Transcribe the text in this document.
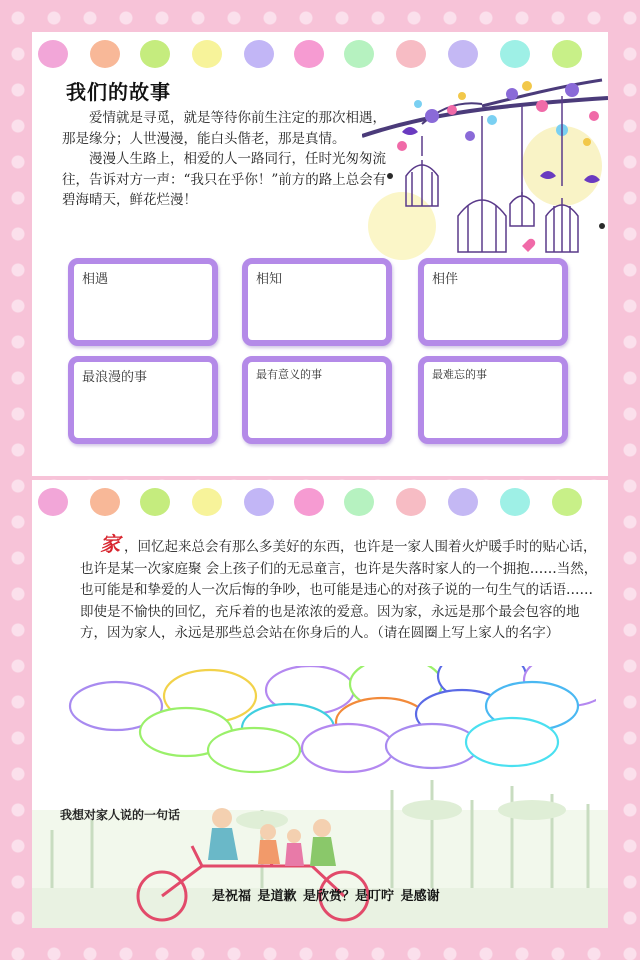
我们的故事

爱情就是寻觅，就是等待你前生注定的那次相遇，那是缘分；人世漫漫，能白头偕老，那是真情。

漫漫人生路上，相爱的人一路同行，任时光匆匆流往，告诉对方一声：“我只在乎你！”前方的路上总会有碧海晴天，鲜花烂漫！

相遇	相知	相伴
最浪漫的事	最有意义的事	最难忘的事
家 ，回忆起来总会有那么多美好的东西，也许是一家人围着火炉暖手时的贴心话，也许是某一次家庭聚 会上孩子们的无忌童言，也许是失落时家人的一个拥抱……当然，也可能是和挚爱的人一次后悔的争吵，也可能是违心的对孩子说的一句生气的话语……即使是不愉快的回忆，充斥着的也是浓浓的爱意。因为家，永远是那个最会包容的地方，因为家人，永远是那些总会站在你身后的人。（请在圆圈上写上家人的名字）
我想对家人说的一句话
是祝福 是道歉 是欣赏？是叮咛 是感谢
